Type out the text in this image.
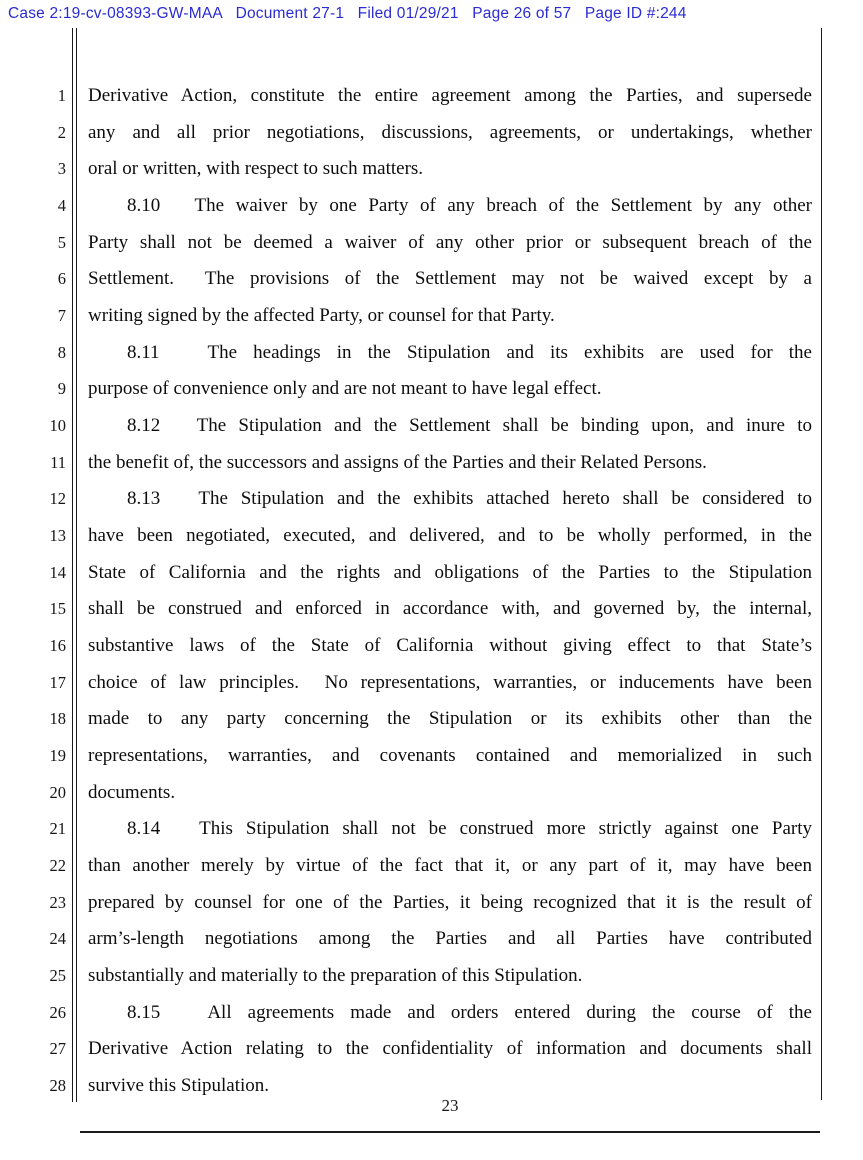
Case 2:19-cv-08393-GW-MAA   Document 27-1   Filed 01/29/21   Page 26 of 57   Page ID #:244
1 Derivative Action, constitute the entire agreement among the Parties, and supersede
2 any and all prior negotiations, discussions, agreements, or undertakings, whether
3 oral or written, with respect to such matters.
4	8.10   The waiver by one Party of any breach of the Settlement by any other
5 Party shall not be deemed a waiver of any other prior or subsequent breach of the
6 Settlement.  The provisions of the Settlement may not be waived except by a
7 writing signed by the affected Party, or counsel for that Party.
8	8.11   The headings in the Stipulation and its exhibits are used for the
9 purpose of convenience only and are not meant to have legal effect.
10	8.12   The Stipulation and the Settlement shall be binding upon, and inure to
11 the benefit of, the successors and assigns of the Parties and their Related Persons.
12	8.13   The Stipulation and the exhibits attached hereto shall be considered to
13 have been negotiated, executed, and delivered, and to be wholly performed, in the
14 State of California and the rights and obligations of the Parties to the Stipulation
15 shall be construed and enforced in accordance with, and governed by, the internal,
16 substantive laws of the State of California without giving effect to that State’s
17 choice of law principles.  No representations, warranties, or inducements have been
18 made to any party concerning the Stipulation or its exhibits other than the
19 representations, warranties, and covenants contained and memorialized in such
20 documents.
21	8.14   This Stipulation shall not be construed more strictly against one Party
22 than another merely by virtue of the fact that it, or any part of it, may have been
23 prepared by counsel for one of the Parties, it being recognized that it is the result of
24 arm’s-length negotiations among the Parties and all Parties have contributed
25 substantially and materially to the preparation of this Stipulation.
26	8.15   All agreements made and orders entered during the course of the
27 Derivative Action relating to the confidentiality of information and documents shall
28 survive this Stipulation.
23
